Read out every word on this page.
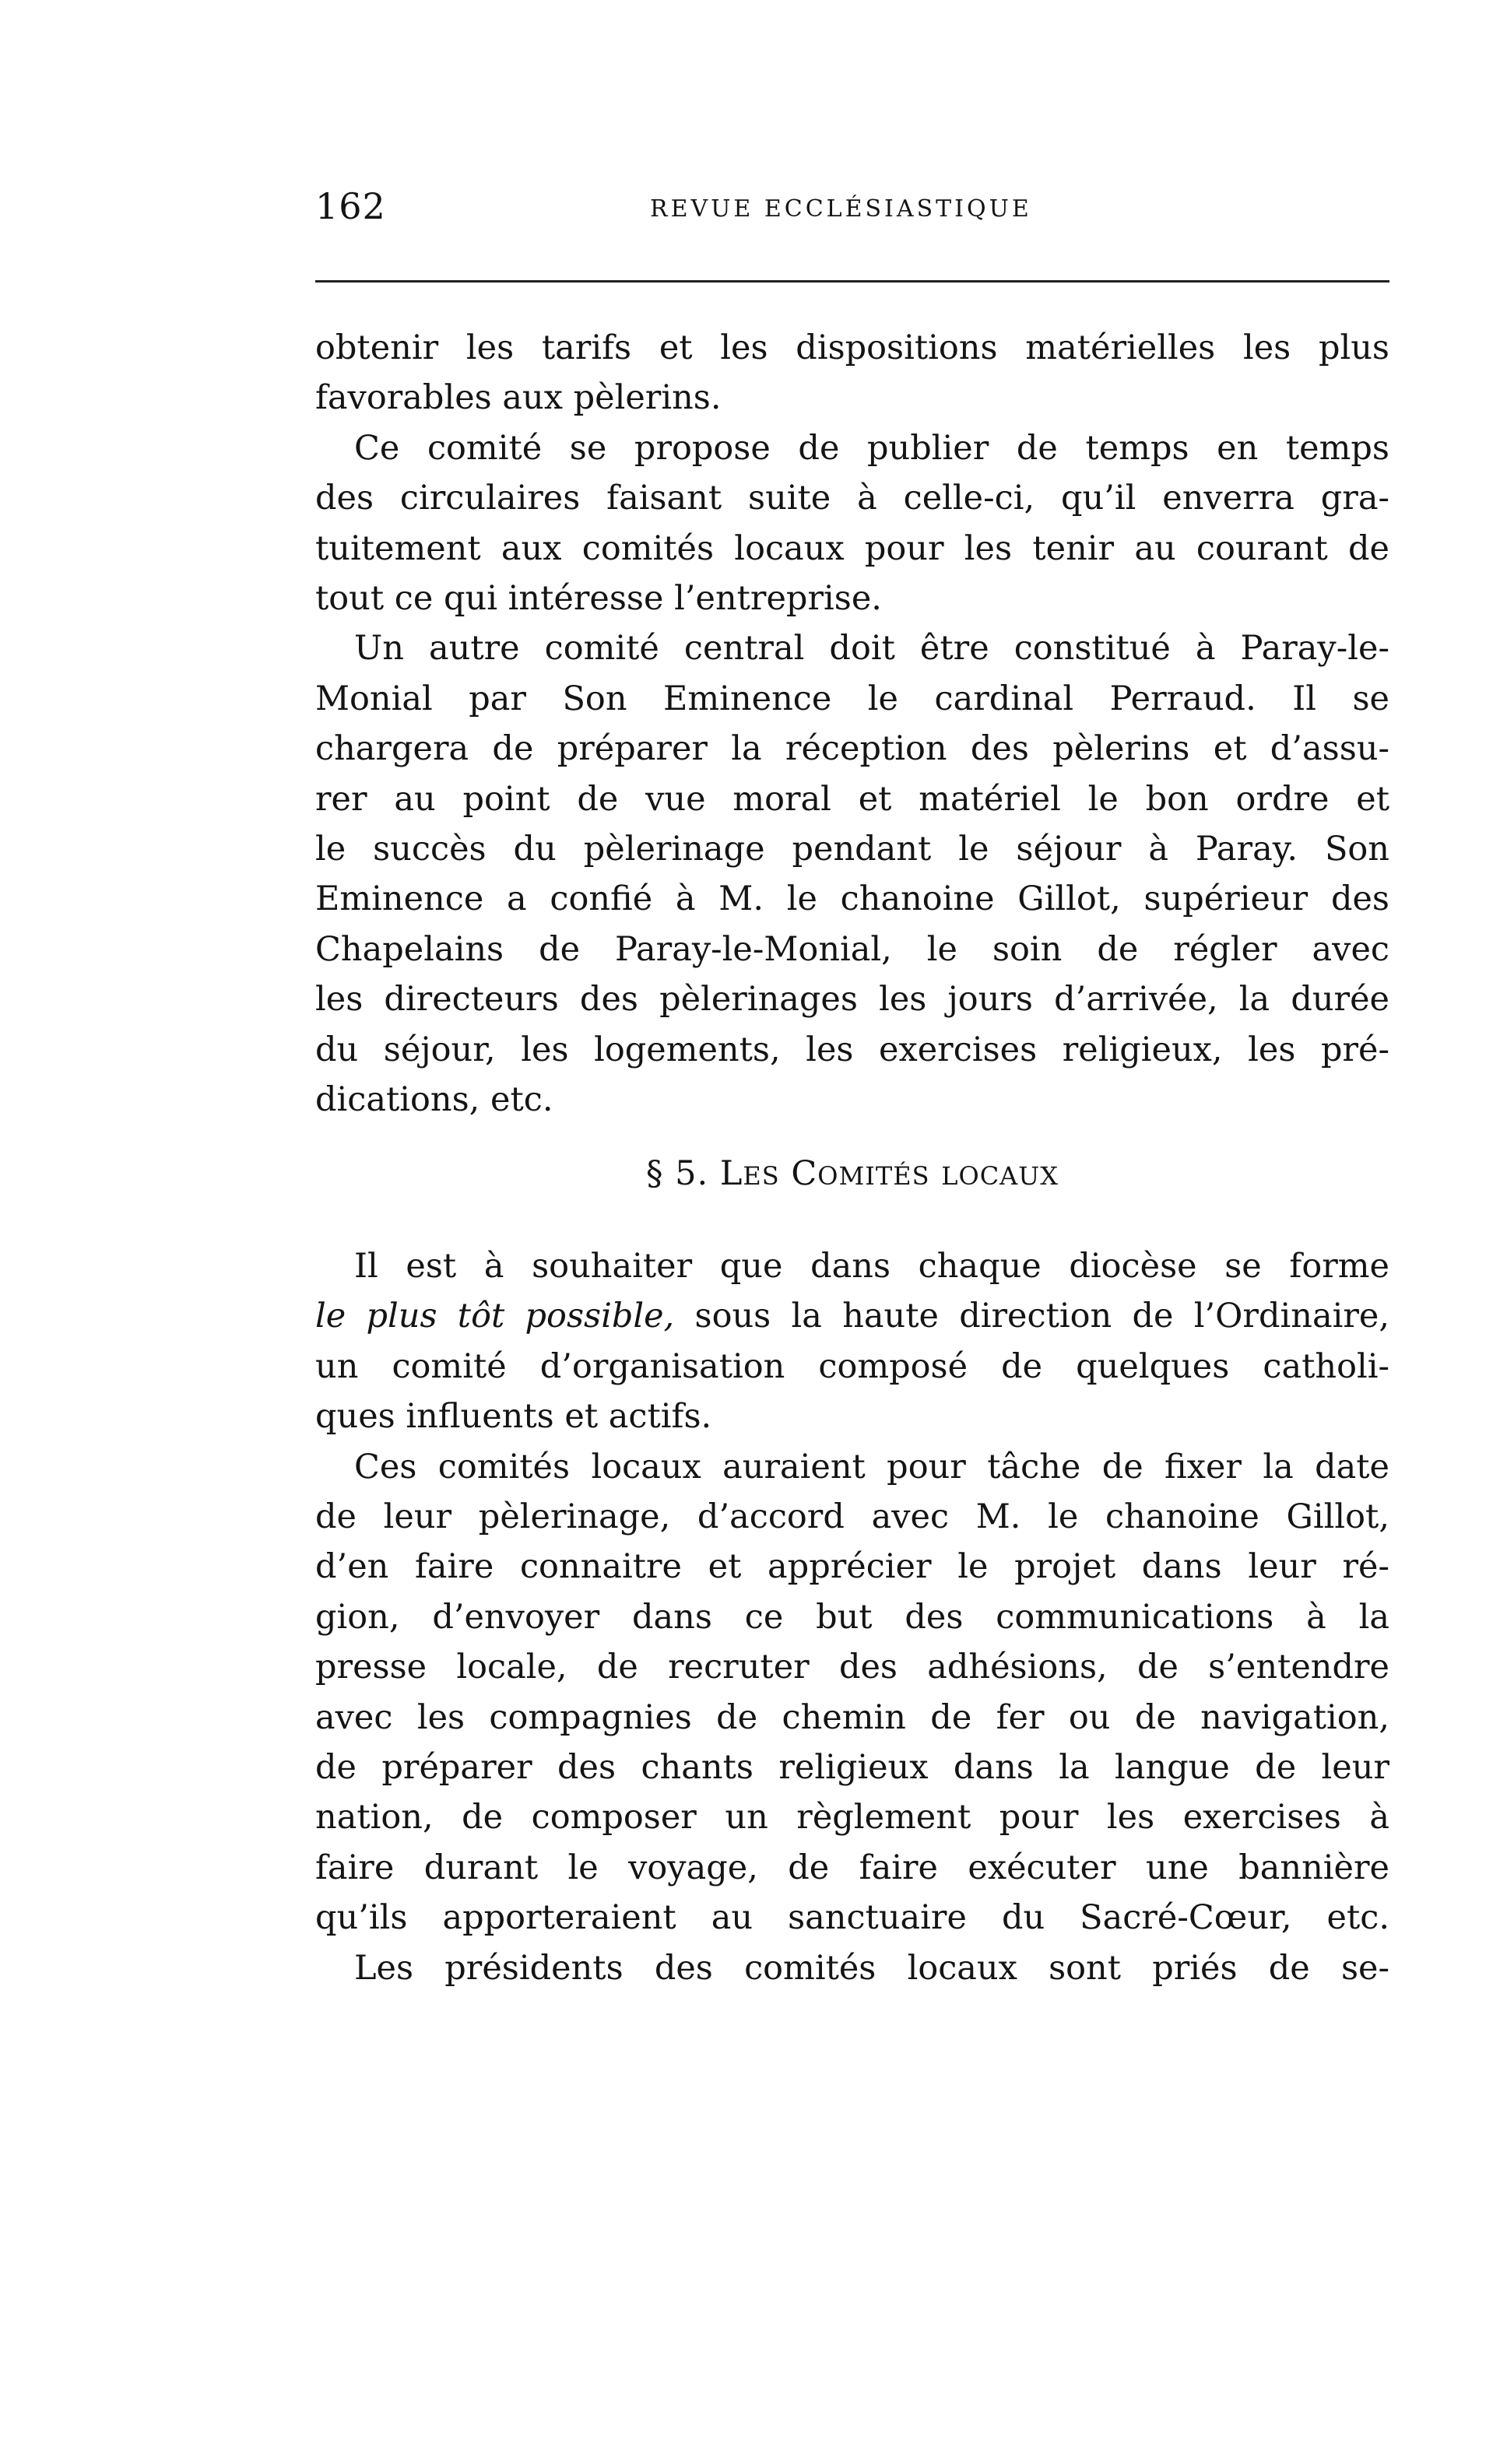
162	REVUE ECCLÉSIASTIQUE
obtenir les tarifs et les dispositions matérielles les plus
favorables aux pèlerins.
Ce comité se propose de publier de temps en temps
des circulaires faisant suite à celle-ci, qu’il enverra gra-
tuitement aux comités locaux pour les tenir au courant de
tout ce qui intéresse l’entreprise.
Un autre comité central doit être constitué à Paray-le-
Monial par Son Eminence le cardinal Perraud. Il se
chargera de préparer la réception des pèlerins et d’assu-
rer au point de vue moral et matériel le bon ordre et
le succès du pèlerinage pendant le séjour à Paray. Son
Eminence a confié à M. le chanoine Gillot, supérieur des
Chapelains de Paray-le-Monial, le soin de régler avec
les directeurs des pèlerinages les jours d’arrivée, la durée
du séjour, les logements, les exercises religieux, les pré-
dications, etc.
§ 5. LES COMITÉS LOCAUX
Il est à souhaiter que dans chaque diocèse se forme
le plus tôt possible, sous la haute direction de l’Ordinaire,
un comité d’organisation composé de quelques catholi-
ques influents et actifs.
Ces comités locaux auraient pour tâche de fixer la date
de leur pèlerinage, d’accord avec M. le chanoine Gillot,
d’en faire connaitre et apprécier le projet dans leur ré-
gion, d’envoyer dans ce but des communications à la
presse locale, de recruter des adhésions, de s’entendre
avec les compagnies de chemin de fer ou de navigation,
de préparer des chants religieux dans la langue de leur
nation, de composer un règlement pour les exercises à
faire durant le voyage, de faire exécuter une bannière
qu’ils apporteraient au sanctuaire du Sacré-Cœur, etc.
Les présidents des comités locaux sont priés de se-
